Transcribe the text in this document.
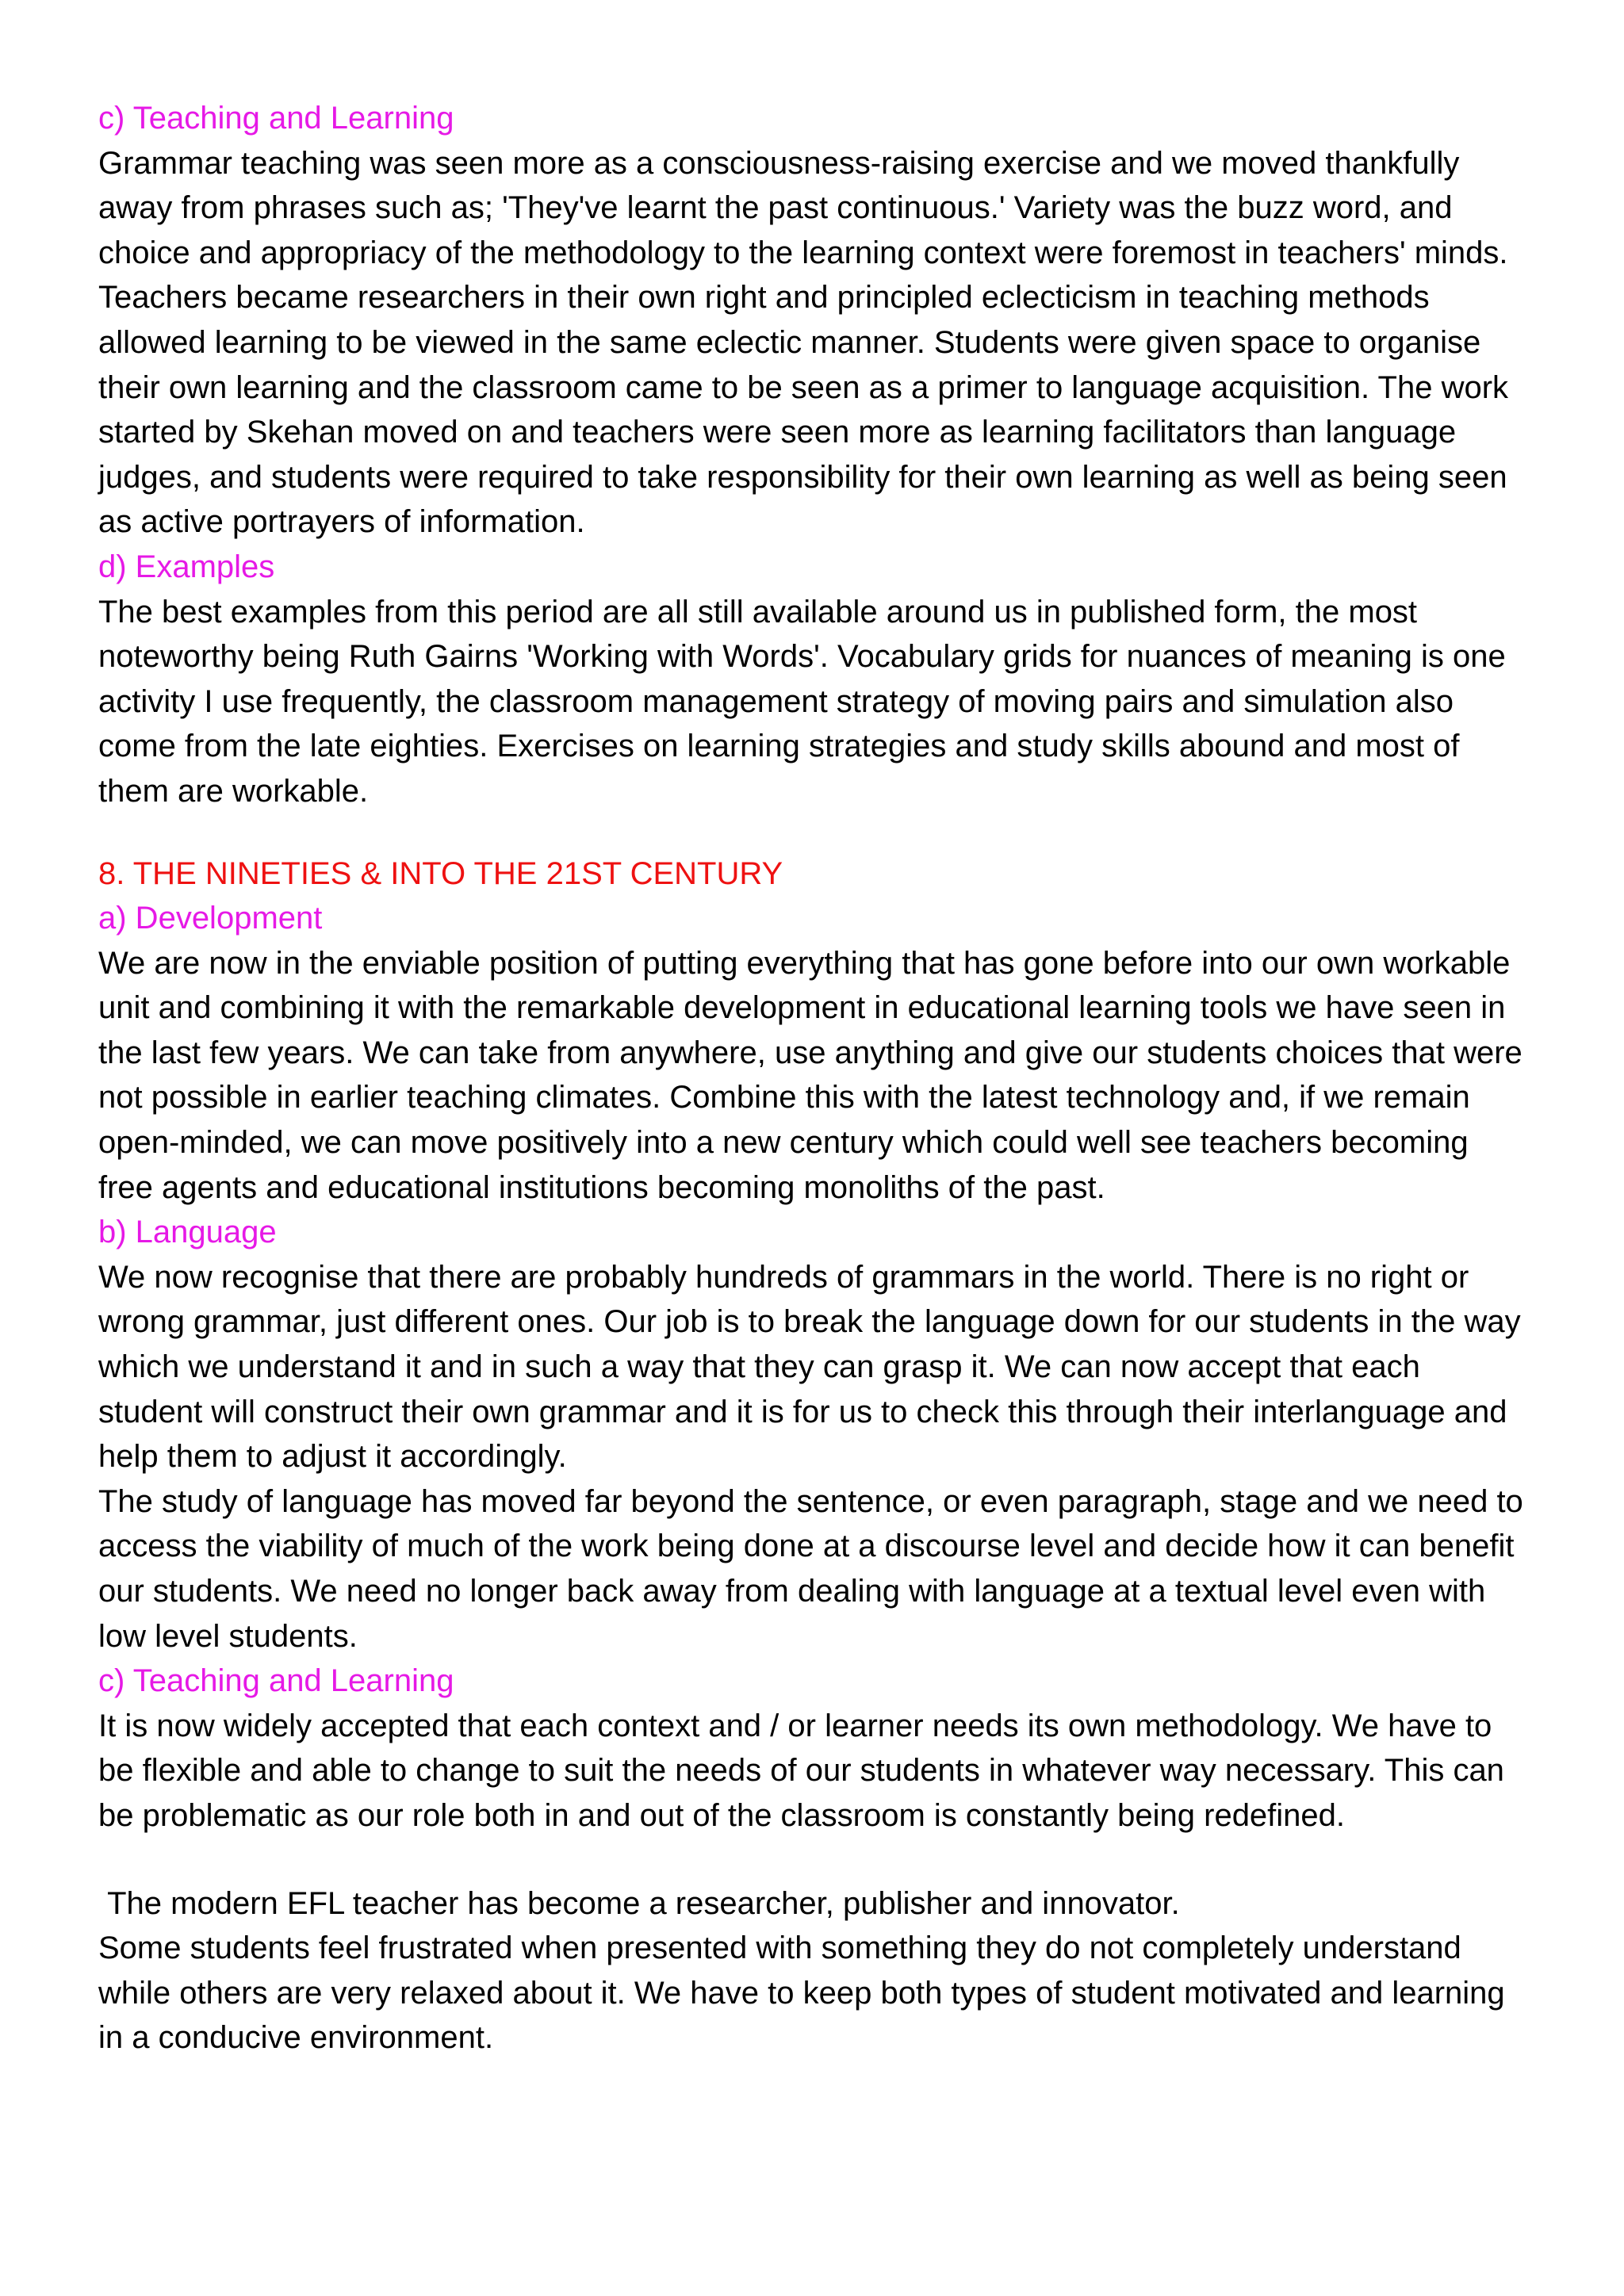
c) Teaching and Learning

Grammar teaching was seen more as a consciousness-raising exercise and we moved thankfully away from phrases such as; 'They've learnt the past continuous.' Variety was the buzz word, and choice and appropriacy of the methodology to the learning context were foremost in teachers' minds. Teachers became researchers in their own right and principled eclecticism in teaching methods allowed learning to be viewed in the same eclectic manner. Students were given space to organise their own learning and the classroom came to be seen as a primer to language acquisition. The work started by Skehan moved on and teachers were seen more as learning facilitators than language judges, and students were required to take responsibility for their own learning as well as being seen as active portrayers of information.

d) Examples

The best examples from this period are all still available around us in published form, the most noteworthy being Ruth Gairns 'Working with Words'. Vocabulary grids for nuances of meaning is one activity I use frequently, the classroom management strategy of moving pairs and simulation also come from the late eighties. Exercises on learning strategies and study skills abound and most of them are workable.

8. THE NINETIES & INTO THE 21ST CENTURY
a) Development

We are now in the enviable position of putting everything that has gone before into our own workable unit and combining it with the remarkable development in educational learning tools we have seen in the last few years. We can take from anywhere, use anything and give our students choices that were not possible in earlier teaching climates. Combine this with the latest technology and, if we remain open-minded, we can move positively into a new century which could well see teachers becoming free agents and educational institutions becoming monoliths of the past.

b) Language

We now recognise that there are probably hundreds of grammars in the world. There is no right or wrong grammar, just different ones. Our job is to break the language down for our students in the way which we understand it and in such a way that they can grasp it. We can now accept that each student will construct their own grammar and it is for us to check this through their interlanguage and help them to adjust it accordingly.

The study of language has moved far beyond the sentence, or even paragraph, stage and we need to access the viability of much of the work being done at a discourse level and decide how it can benefit our students. We need no longer back away from dealing with language at a textual level even with low level students.

c) Teaching and Learning

It is now widely accepted that each context and / or learner needs its own methodology. We have to be flexible and able to change to suit the needs of our students in whatever way necessary. This can be problematic as our role both in and out of the classroom is constantly being redefined.

The modern EFL teacher has become a researcher, publisher and innovator.

Some students feel frustrated when presented with something they do not completely understand while others are very relaxed about it. We have to keep both types of student motivated and learning in a conducive environment.
